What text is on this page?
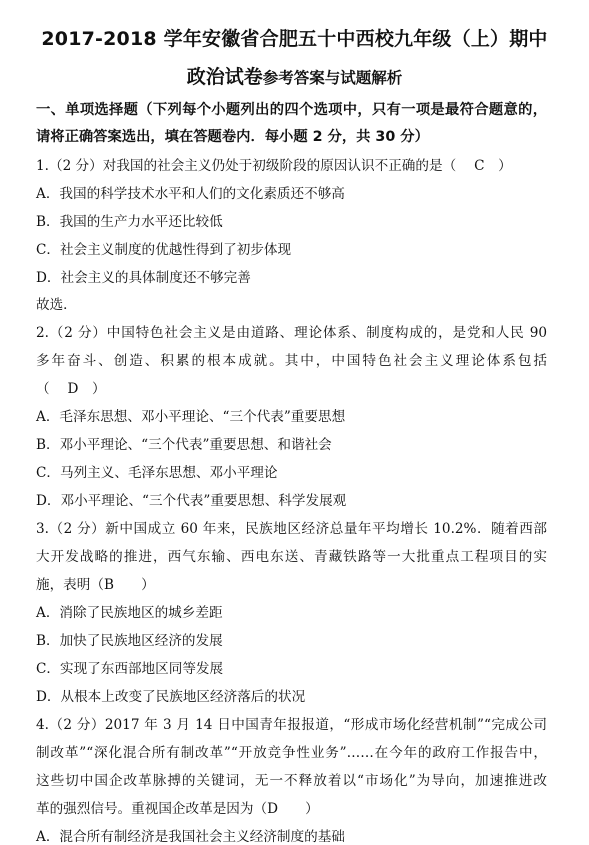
2017-2018 学年安徽省合肥五十中西校九年级（上）期中
政治试卷参考答案与试题解析
一、单项选择题（下列每个小题列出的四个选项中，只有一项是最符合题意的，
请将正确答案选出，填在答题卷内．每小题 2 分，共 30 分）
1.（2 分）对我国的社会主义仍处于初级阶段的原因认识不正确的是（　 C　）
A．我国的科学技术水平和人们的文化素质还不够高
B．我国的生产力水平还比较低
C．社会主义制度的优越性得到了初步体现
D．社会主义的具体制度还不够完善
故选．
2.（2 分）中国特色社会主义是由道路、理论体系、制度构成的，是党和人民 90
多年奋斗、创造、积累的根本成就。其中，中国特色社会主义理论体系包括
（　 D　）
A．毛泽东思想、邓小平理论、“三个代表”重要思想
B．邓小平理论、“三个代表”重要思想、和谐社会
C．马列主义、毛泽东思想、邓小平理论
D．邓小平理论、“三个代表”重要思想、科学发展观
3.（2 分）新中国成立 60 年来，民族地区经济总量年平均增长 10.2%．随着西部
大开发战略的推进，西气东输、西电东送、青藏铁路等一大批重点工程项目的实
施，表明（B　　）
A．消除了民族地区的城乡差距
B．加快了民族地区经济的发展
C．实现了东西部地区同等发展
D．从根本上改变了民族地区经济落后的状况
4.（2 分）2017 年 3 月 14 日中国青年报报道，“形成市场化经营机制”“完成公司
制改革”“深化混合所有制改革”“开放竞争性业务”……在今年的政府工作报告中，
这些切中国企改革脉搏的关键词，无一不释放着以“市场化”为导向，加速推进改
革的强烈信号。重视国企改革是因为（D　　）
A．混合所有制经济是我国社会主义经济制度的基础
